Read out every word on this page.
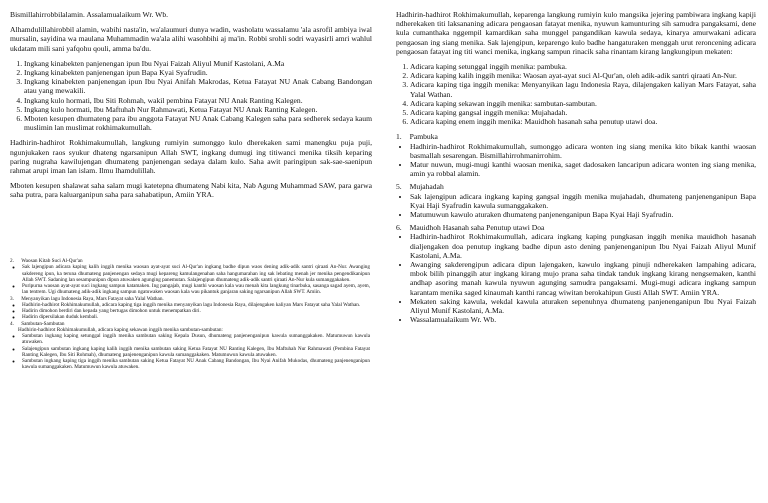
Bismillahirrobbilalamin. Assalamualaikum Wr. Wb.

Alhamdulillahirobbil alamin, wabihi nasta'in, wa'alaumuri dunya wadin, washolatu wassalamu 'ala asrofil ambiya iwal mursalin, sayidina wa maulana Muhammadin wa'ala alihi wasohbihi aj ma'in. Robbi srohli sodri wayasirli amri wahlul ukdatam mili sani yafqohu qouli, amma ba'du.

1. Ingkang kinabekten panjenengan ipun Ibu Nyai Faizah Aliyul Munif Kastolani, A.Ma
2. Ingkang kinabekten panjenengan ipun Bapa Kyai Syafrudin.
3. Ingkang kinabekten panjenengan ipun Ibu Nyai Anifah Makrodas, Ketua Fatayat NU Anak Cabang Bandongan atau yang mewakili.
4. Ingkang kulo hormati, Ibu Siti Rohmah, wakil pembina Fatayat NU Anak Ranting Kalegen.
5. Ingkang kulo hormati, Ibu Maftuhah Nur Rahmawati, Ketua Fatayat NU Anak Ranting Kalegen.
6. Mboten kesupen dhumateng para ibu anggota Fatayat NU Anak Cabang Kalegen saha para sedherek sedaya kaum muslimin lan muslimat rokhimakumullah.

Hadhirin-hadhirot Rokhimakumullah, langkung rumiyin sumonggo kulo dherekaken sami manengku puja puji, ngunjukaken raos syukur dhateng ngarsanipun Allah SWT, ingkang dumugi ing titiwanci menika tiksih keparing paring nugraha kawilujengan dhumateng panjenengan sedaya dalam kulo. Saha awit paringipun sak-sae-saenipun rahmat arupi iman lan islam. Ilmu lhamdulillah.

Mboten kesupen shalawat saha salam mugi katetepna dhumateng Nabi kita, Nab Agung Muhammad SAW, para garwa saha putra, para kaluarganipun saha para sahabatipun, Amiin YRA.

2. Waosan Kitab Suci Al-Qur'an
◦ Sak lajengipun adicara kaping kalih inggih menika waosan ayat-ayat suci Al-Qur'an ingkang badhe dipun waos dening adik-adik santri qiraati An-Nur. Awanging sakdereng ipun, ka teruna dhumateng panjenengan sedaya mugi kepareng kamulangenahan saha hangumarahan ing sak lebating menah jer menika pengendikanipun Allah SWT. Sadaning lan sesampunipun dipun atuwaken agunging panemutan. Salajengipun dhumateng adik-adik santri qiraati An-Nur kula sumanggakaken.
◦ Puripurna waosan ayat-ayat suci ingkang sampun katamaken. Ing pangajab, mugi kanthi waosan kala wau menah kita langkung tinarbuka, sasanga sagad ayem, ayem, lan tentrem. Ugi dhumateng adik-adik ingkang sampun ngatuwaken waosan kala wau pikantuk ganjaran saking ngarsanipun Allah SWT. Amiin.
3. Menyanyikan lagu Indonesia Raya, Mars Fatayat saha Yalal Wathan.
◦ Hadhirin-hadhirot Rokhimakumullah, adicara kaping tiga inggih menika menyanyikan lagu Indonesia Raya, dilajengaken kaliyan Mars Fatayat saha Yalal Wathan.
◦ Hadirin dimohon berdiri dan kepada yang bertugas dimohon untuk menempatkan diri.
◦ Hadirin dipersilakan duduk kembali.
4. Sambutan-Sambutan
Hadhirin-hadhirot Rokhimakumullah, adicara kaping sekawan inggih menika sambutan-sambutan:
◦ Sambutan ingkang kaping setunggal inggih menika sambutan saking Kepala Dusun, dhumateng panjenenganipun kawula sumanggakaken. Matumuwun kawula atuwaken.
◦ Salajengipun sambutan ingkang kaping kalih inggih menika sambutan saking Ketua Fatayat NU Ranting Kalegen, Ibu Maftuhah Nur Rahmawati (Pembina Fatayat Ranting Kalegen, Ibu Siti Rohmah), dhumateng panjenenganipun kawula sumanggakaken. Matumuwun kawula atuwaken.
◦ Sambutan ingkang kaping tiga inggih menika sambutan saking Ketua Fatayat NU Anak Cabang Bandongan, Ibu Nyai Anifah Mukodas, dhumateng panjenenganipun kawula sumanggakaken. Matumuwun kawula atuwaken.

Hadhirin-hadhirot Rokhimakumullah, keparenga langkung rumiyin kulo mangsika jejering pambiwara ingkang kapiji ndherekaken titi laksananing adicara pengaosan fatayat menika, nyuwun kamunturing sih samudra pangaksami, dene kula cumanthaka nggempil kamardikan saha munggel pangandikan kawula sedaya, kinarya amurwakani adicara pengaosan ing siang menika. Sak lajengipun, keparengo kulo badhe hangaturaken menggah urut reroncening adicara pengaosan fatayat ing titi wanci menika, ingkang sampun rinacik saha rinantam kirang langkungipun mekaten:

1. Adicara kaping setunggal inggih menika: pambuka.
2. Adicara kaping kalih inggih menika: Waosan ayat-ayat suci Al-Qur'an, oleh adik-adik santri qiraati An-Nur.
3. Adicara kaping tiga inggih menika: Menyanyikan lagu Indonesia Raya, dilajengaken kaliyan Mars Fatayat, saha Yalal Wathan.
4. Adicara kaping sekawan inggih menika: sambutan-sambutan.
5. Adicara kaping gangsal inggih menika: Mujahadah.
6. Adicara kaping enem inggih menika: Mauidhoh hasanah saha penutup utawi doa.
1. Pambuka
• Hadhirin-hadhirot Rokhimakumullah, sumonggo adicara wonten ing siang menika kito bikak kanthi waosan basmallah sesarengan. Bismillahirrohmanirrohim.
• Matur nuwun, mugi-mugi kanthi waosan menika, saget dadosaken lancaripun adicara wonten ing siang menika, amin ya robbal alamin.
5. Mujahadah
• Sak lajengipun adicara ingkang kaping gangsal inggih menika mujahadah, dhumateng panjenenganipun Bapa Kyai Haji Syafrudin kawula sumanggakaken.
• Matumuwun kawulo aturaken dhumateng panjenenganipun Bapa Kyai Haji Syafrudin.
6. Mauidhoh Hasanah saha Penutup utawi Doa
• Hadhirin-hadhirot Rokhimakumullah, adicara ingkang kaping pungkasan inggih menika mauidhoh hasanah dialjengaken doa penutup ingkang badhe dipun asto dening panjenenganipun Ibu Nyai Faizah Aliyul Munif Kastolani, A.Ma.
• Awanging sakderengipun adicara dipun lajengaken, kawulo ingkang pinuji ndherekaken lampahing adicara, mbok bilih pinanggih atur ingkang kirang mujo prana saha tindak tanduk ingkang kirang nengsemaken, kanthi andhap asoring manah kawula nyuwun agunging samudra pangaksami. Mugi-mugi adicara ingkang sampun karantam menika saged kinaumah kanthi rancag wiwitan berokahipun Gusti Allah SWT. Amiin YRA.
• Mekaten saking kawula, wekdal kawula aturaken sepenuhnya dhumateng panjenenganipun Ibu Nyai Faizah Aliyul Munif Kastolani, A.Ma.
• Wassalamualaikum Wr. Wb.
